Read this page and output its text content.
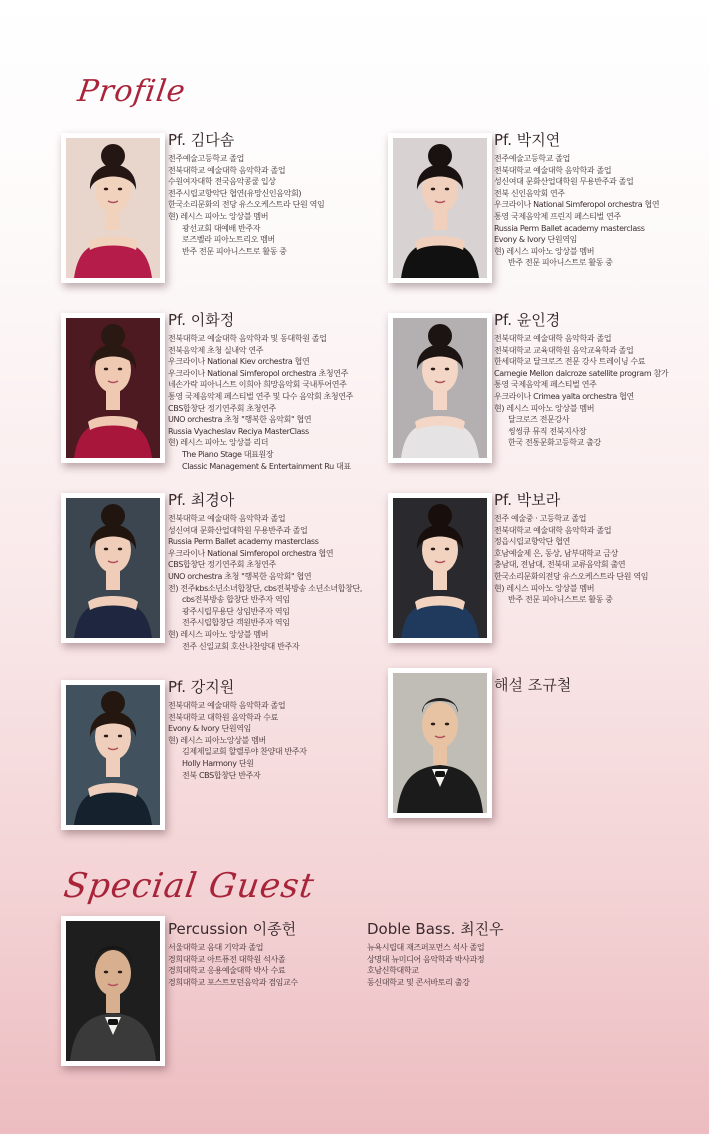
Profile
Special Guest
Pf. 김다솜
전주예술고등학교 졸업
전북대학교 예술대학 음악학과 졸업
수원여자대학 전국음악콩쿨 입상
전주시립교향악단 협연(유망신인음악회)
한국소리문화의 전당 유스오케스트라 단원 역임
현) 레시스 피아노 앙상블 멤버
광선교회 대예배 반주자
로즈벨라 피아노트리오 멤버
반주 전문 피아니스트로 활동 중
Pf. 박지연
전주예술고등학교 졸업
전북대학교 예술대학 음악학과 졸업
성신여대 문화산업대학원 무용반주과 졸업
전북 신인음악회 연주
우크라이나 National Simferopol orchestra 협연
통영 국제음악제 프린지 페스티벌 연주
Russia Perm Ballet academy masterclass
Evony & Ivory 단원역임
현) 레시스 피아노 앙상블 멤버
반주 전문 피아니스트로 활동 중
Pf. 이화정
전북대학교 예술대학 음악학과 및 동대학원 졸업
전북음악제 초청 실내악 연주
우크라이나 National Kiev orchestra 협연
우크라이나 National Simferopol orchestra 초청연주
네손가락 피아니스트 이희아 희망음악회 국내투어연주
통영 국제음악제 페스티벌 연주 및 다수 음악회 초청연주
CBS합창단 정기연주회 초청연주
UNO orchestra 초청 "행복한 음악회" 협연
Russia Vyacheslav Reciya MasterClass
현) 레시스 피아노 앙상블 리더
The Piano Stage 대표원장
Classic Management & Entertainment Ru 대표
Pf. 윤인경
전북대학교 예술대학 음악학과 졸업
전북대학교 교육대학원 음악교육학과 졸업
한세대학교 달크로즈 전문 강사 트레이닝 수료
Carnegie Mellon dalcroze satellite program 참가
통영 국제음악제 페스티벌 연주
우크라이나 Crimea yalta orchestra 협연
현) 레시스 피아노 앙상블 멤버
달크로즈 전문강사
씽씽큐 뮤직 전북지사장
한국 전통문화고등학교 출강
Pf. 최경아
전북대학교 예술대학 음악학과 졸업
성신여대 문화산업대학원 무용반주과 졸업
Russia Perm Ballet academy masterclass
우크라이나 National Simferopol orchestra 협연
CBS합창단 정기연주회 초청연주
UNO orchestra 초청 "행복한 음악회" 협연
전) 전주kbs소년소녀합창단, cbs전북방송 소년소녀합창단,
cbs전북방송 합창단 반주자 역임
광주시립무용단 상임반주자 역임
전주시립합창단 객원반주자 역임
현) 레시스 피아노 앙상블 멤버
전주 신일교회 호산나찬양대 반주자
Pf. 박보라
전주 예술중 · 고등학교 졸업
전북대학교 예술대학 음악학과 졸업
정읍시립교향악단 협연
호남예술제 은, 동상, 남부대학교 금상
충남대, 전남대, 전북대 교류음악회 출연
한국소리문화의전당 유스오케스트라 단원 역임
현) 레시스 피아노 앙상블 멤버
반주 전문 피아니스트로 활동 중
Pf. 강지원
전북대학교 예술대학 음악학과 졸업
전북대학교 대학원 음악학과 수료
Evony & Ivory 단원역임
현) 레시스 피아노앙상블 멤버
김제제일교회 할렐루야 찬양대 반주자
Holly Harmony 단원
전북 CBS합창단 반주자
해설 조규철
Percussion 이종헌
서울대학교 음대 기악과 졸업
경희대학교 아트퓨전 대학원 석사졸
경희대학교 응용예술대학 박사 수료
경희대학교 포스트모던음악과 겸임교수
Doble Bass. 최진우
뉴욕시립대 재즈퍼포먼스 석사 졸업
상명대 뉴미디어 음악학과 박사과정
호남신학대학교
동신대학교 및 콘서바토리 출강
